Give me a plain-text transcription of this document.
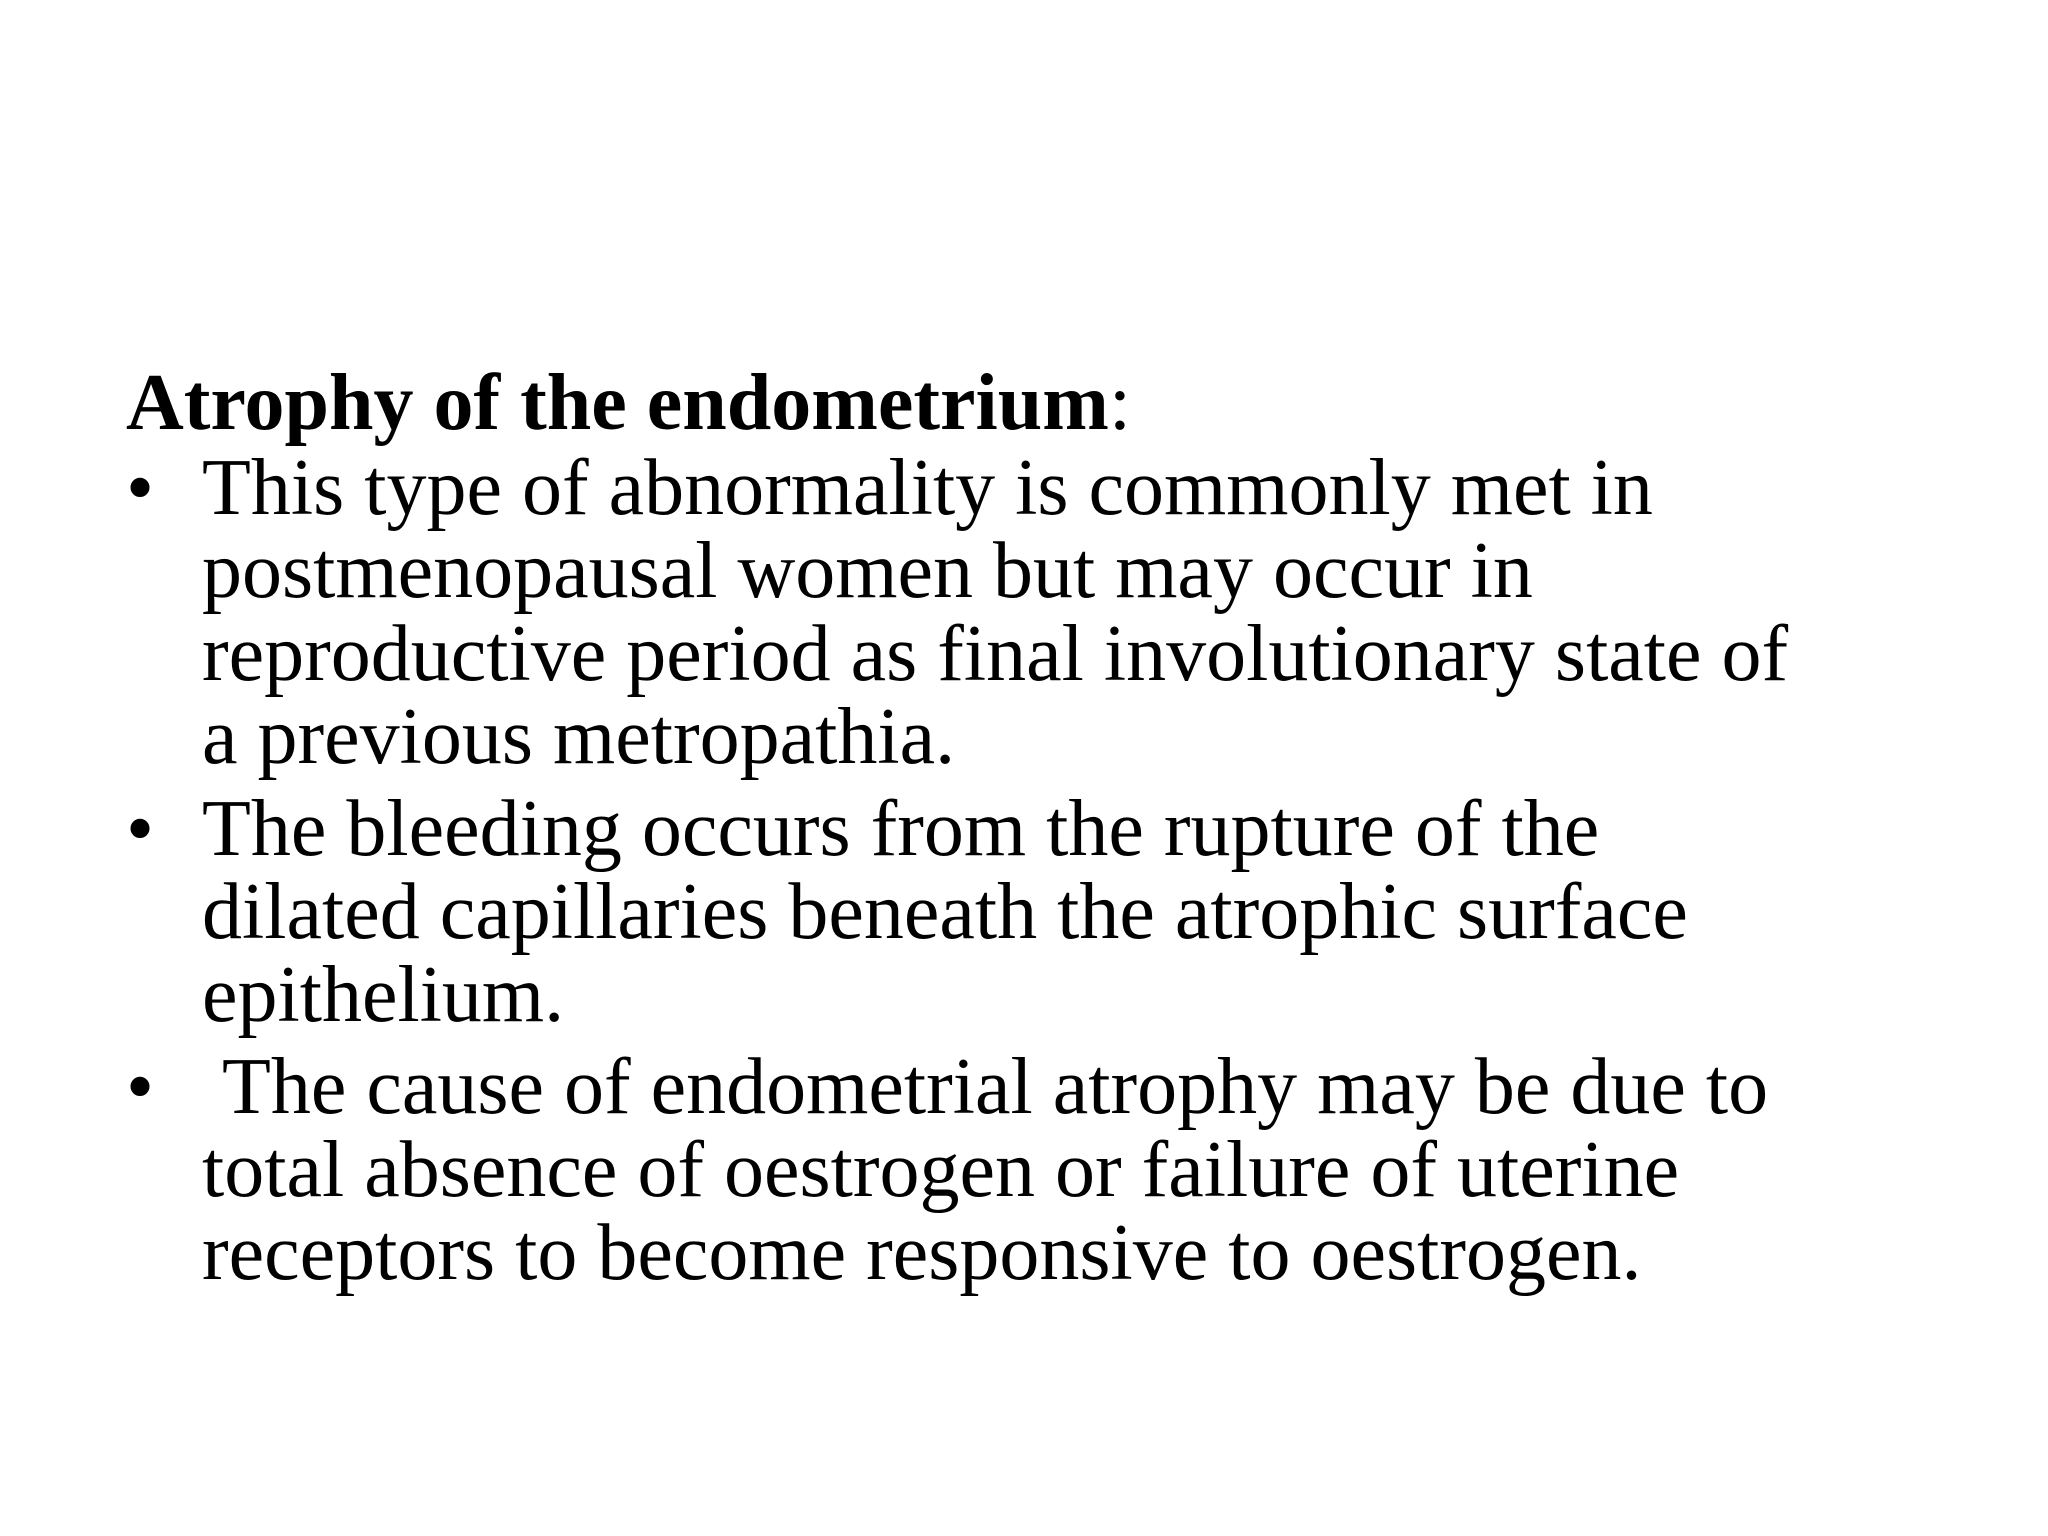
Atrophy of the endometrium:
• This type of abnormality is commonly met in
postmenopausal women but may occur in
reproductive period as final involutionary state of
a previous metropathia.
• The bleeding occurs from the rupture of the
dilated capillaries beneath the atrophic surface
epithelium.
• The cause of endometrial atrophy may be due to
total absence of oestrogen or failure of uterine
receptors to become responsive to oestrogen.
